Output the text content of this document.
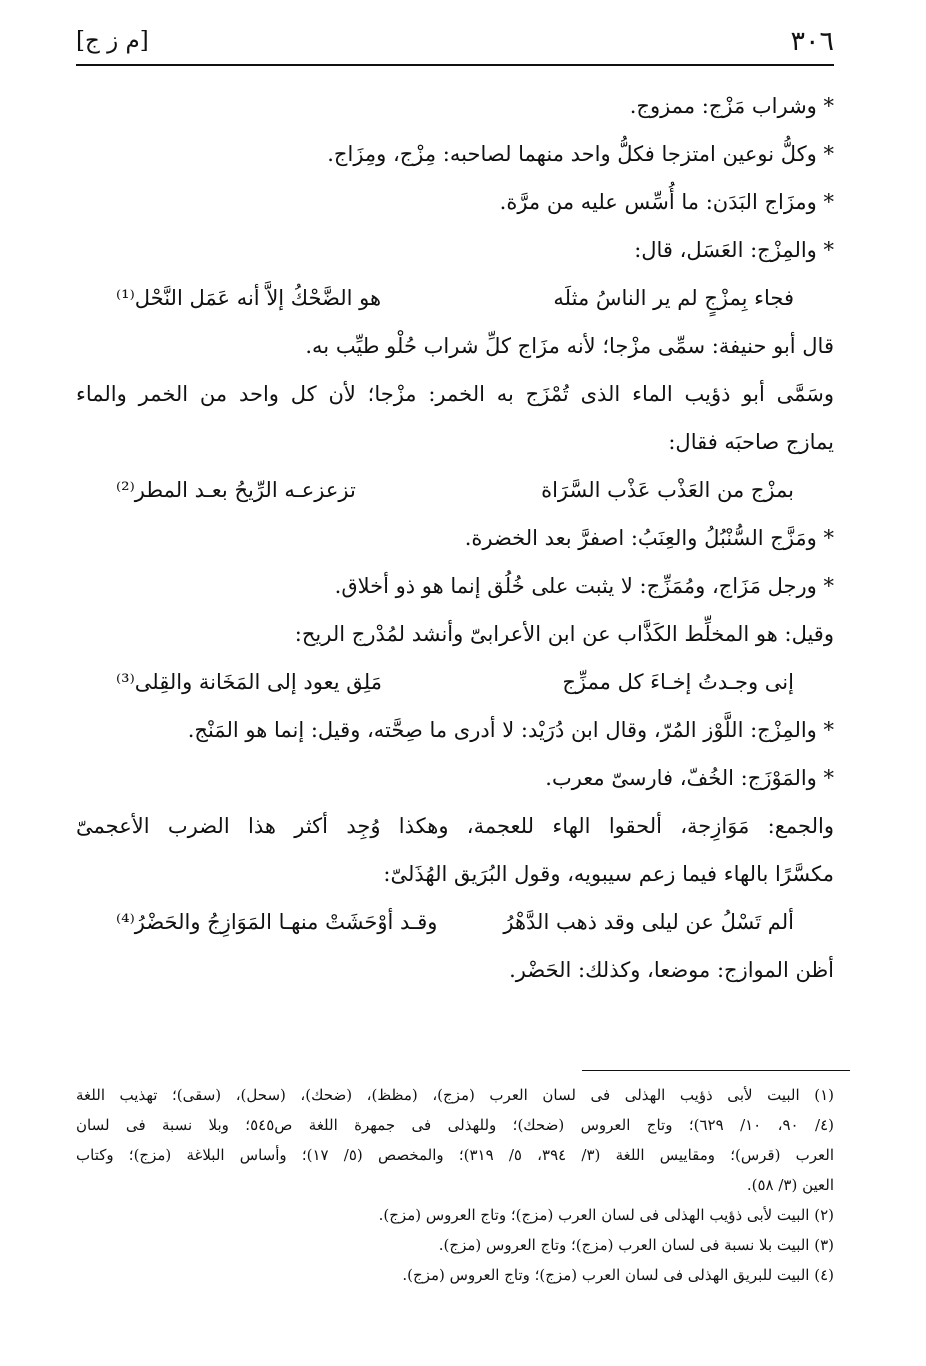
٣٠٦
[م ز ج]
* وشراب مَزْج: ممزوج.
* وكلُّ نوعين امتزجا فكلُّ واحد منهما لصاحبه: مِزْج، ومِزَاج.
* ومزَاج البَدَن: ما أُسِّس عليه من مرَّة.
* والمِزْج: العَسَل، قال:
فجاء بِمزْجٍ لم ير الناسُ مثلَه
هو الضَّحْكُ إلاَّ أنه عَمَل النَّحْل⁽¹⁾
قال أبو حنيفة: سمِّى مزْجا؛ لأنه مزَاج كلِّ شراب حُلْو طيِّب به.
وسَمَّى أبو ذؤيب الماء الذى تُمْزَج به الخمر: مزْجا؛ لأن كل واحد من الخمر والماء
يمازج صاحبَه فقال:
بمزْج من العَذْب عَذْب السَّرَاة
تزعزعـه الرِّيحُ بعـد المطر⁽²⁾
* ومَزَّج السُّنْبُلُ والعِنَبُ: اصفرَّ بعد الخضرة.
* ورجل مَزَاج، ومُمَزِّج: لا يثبت على خُلُق إنما هو ذو أخلاق.
وقيل: هو المخلِّط الكَذَّاب عن ابن الأعرابىّ وأنشد لمُدْرج الريح:
إنى وجـدتُ إخـاءَ كل ممزِّج
مَلِق يعود إلى المَخَانة والقِلى⁽³⁾
* والمِزْج: اللَّوْز المُرّ، وقال ابن دُرَيْد: لا أدرى ما صِحَّته، وقيل: إنما هو المَنْج.
* والمَوْزَج: الخُفّ، فارسىّ معرب.
والجمع: مَوَازِجة، ألحقوا الهاء للعجمة، وهكذا وُجِد أكثر هذا الضرب الأعجمىّ
مكسَّرًا بالهاء فيما زعم سيبويه، وقول البُرَيق الهُذَلىّ:
ألم تَسْلُ عن ليلى وقد ذهب الدَّهْرُ
وقـد أوْحَشَتْ منهـا المَوَازِجُ والحَضْرُ⁽⁴⁾
أظن الموازج: موضعا، وكذلك: الحَضْر.
(١) البيت لأبى ذؤيب الهذلى فى لسان العرب (مزج)، (مظظ)، (ضحك)، (سحل)، (سقى)؛ تهذيب اللغة
(٤/ ٩٠، ١٠/ ٦٢٩)؛ وتاج العروس (ضحك)؛ وللهذلى فى جمهرة اللغة ص٥٤٥؛ وبلا نسبة فى لسان
العرب (قرس)؛ ومقاييس اللغة (٣/ ٣٩٤، ٥/ ٣١٩)؛ والمخصص (٥/ ١٧)؛ وأساس البلاغة (مزج)؛ وكتاب
العين (٣/ ٥٨).
(٢) البيت لأبى ذؤيب الهذلى فى لسان العرب (مزج)؛ وتاج العروس (مزج).
(٣) البيت بلا نسبة فى لسان العرب (مزج)؛ وتاج العروس (مزج).
(٤) البيت للبريق الهذلى فى لسان العرب (مزج)؛ وتاج العروس (مزج).
